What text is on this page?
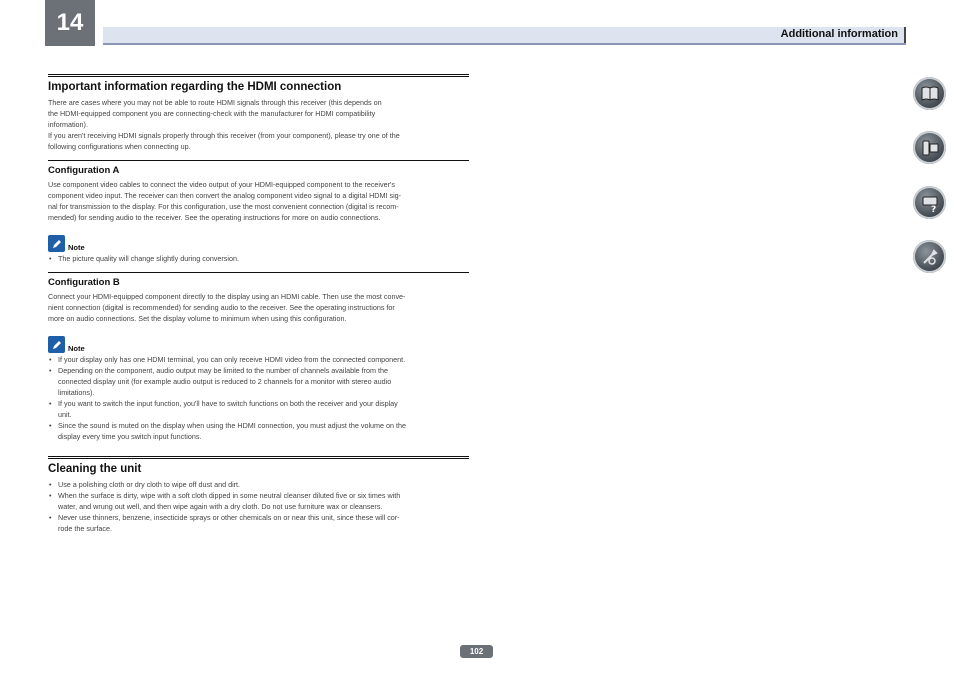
14	Additional information
Important information regarding the HDMI connection

There are cases where you may not be able to route HDMI signals through this receiver (this depends on

the HDMI-equipped component you are connecting-check with the manufacturer for HDMI compatibility

information).

If you aren't receiving HDMI signals properly through this receiver (from your component), please try one of the

following configurations when connecting up.

Configuration A

Use component video cables to connect the video output of your HDMI-equipped component to the receiver's

component video input. The receiver can then convert the analog component video signal to a digital HDMI sig-

nal for transmission to the display. For this configuration, use the most convenient connection (digital is recom-

mended) for sending audio to the receiver. See the operating instructions for more on audio connections.

Note
• The picture quality will change slightly during conversion.
Configuration B

Connect your HDMI-equipped component directly to the display using an HDMI cable. Then use the most conve-

nient connection (digital is recommended) for sending audio to the receiver. See the operating instructions for

more on audio connections. Set the display volume to minimum when using this configuration.

Note
• If your display only has one HDMI terminal, you can only receive HDMI video from the connected component.
• Depending on the component, audio output may be limited to the number of channels available from the
connected display unit (for example audio output is reduced to 2 channels for a monitor with stereo audio
limitations).
• If you want to switch the input function, you'll have to switch functions on both the receiver and your display
unit.
• Since the sound is muted on the display when using the HDMI connection, you must adjust the volume on the
display every time you switch input functions.
Cleaning the unit
• Use a polishing cloth or dry cloth to wipe off dust and dirt.
• When the surface is dirty, wipe with a soft cloth dipped in some neutral cleanser diluted five or six times with
water, and wrung out well, and then wipe again with a dry cloth. Do not use furniture wax or cleansers.
• Never use thinners, benzene, insecticide sprays or other chemicals on or near this unit, since these will cor-
rode the surface.
?
102
